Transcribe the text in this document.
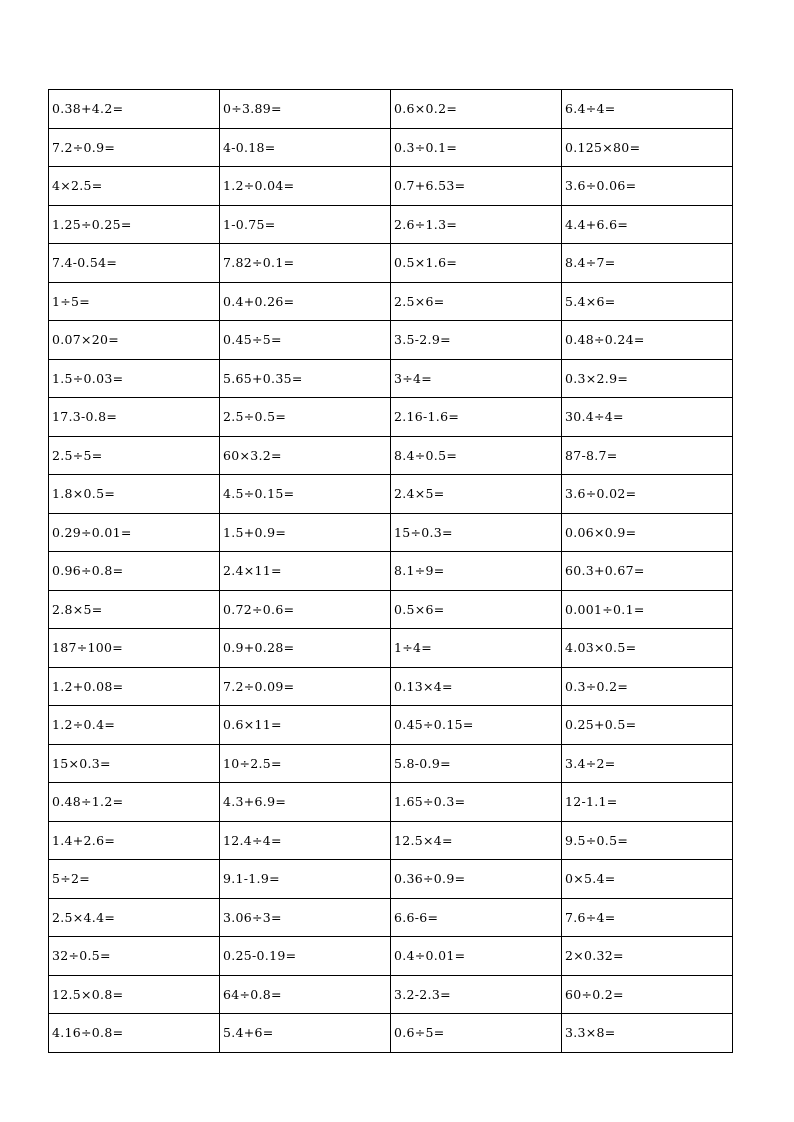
0.38+4.2=	0÷3.89=	0.6×0.2=	6.4÷4=
7.2÷0.9=	4-0.18=	0.3÷0.1=	0.125×80=
4×2.5=	1.2÷0.04=	0.7+6.53=	3.6÷0.06=
1.25÷0.25=	1-0.75=	2.6÷1.3=	4.4+6.6=
7.4-0.54=	7.82÷0.1=	0.5×1.6=	8.4÷7=
1÷5=	0.4+0.26=	2.5×6=	5.4×6=
0.07×20=	0.45÷5=	3.5-2.9=	0.48÷0.24=
1.5÷0.03=	5.65+0.35=	3÷4=	0.3×2.9=
17.3-0.8=	2.5÷0.5=	2.16-1.6=	30.4÷4=
2.5÷5=	60×3.2=	8.4÷0.5=	87-8.7=
1.8×0.5=	4.5÷0.15=	2.4×5=	3.6÷0.02=
0.29÷0.01=	1.5+0.9=	15÷0.3=	0.06×0.9=
0.96÷0.8=	2.4×11=	8.1÷9=	60.3+0.67=
2.8×5=	0.72÷0.6=	0.5×6=	0.001÷0.1=
187÷100=	0.9+0.28=	1÷4=	4.03×0.5=
1.2+0.08=	7.2÷0.09=	0.13×4=	0.3÷0.2=
1.2÷0.4=	0.6×11=	0.45÷0.15=	0.25+0.5=
15×0.3=	10÷2.5=	5.8-0.9=	3.4÷2=
0.48÷1.2=	4.3+6.9=	1.65÷0.3=	12-1.1=
1.4+2.6=	12.4÷4=	12.5×4=	9.5÷0.5=
5÷2=	9.1-1.9=	0.36÷0.9=	0×5.4=
2.5×4.4=	3.06÷3=	6.6-6=	7.6÷4=
32÷0.5=	0.25-0.19=	0.4÷0.01=	2×0.32=
12.5×0.8=	64÷0.8=	3.2-2.3=	60÷0.2=
4.16÷0.8=	5.4+6=	0.6÷5=	3.3×8=
